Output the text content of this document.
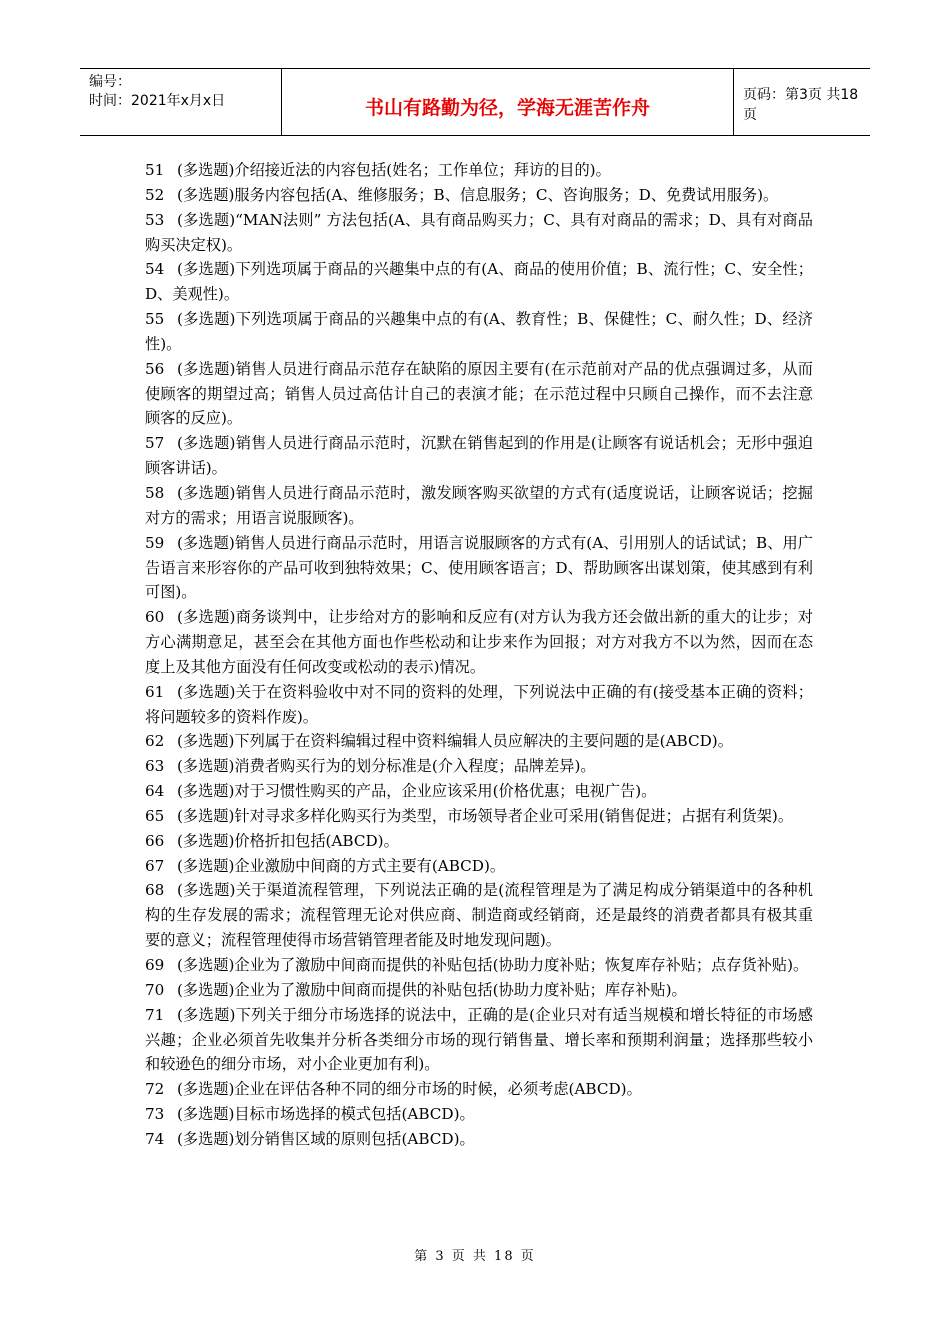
编号：
时间：2021年x月x日	书山有路勤为径，学海无涯苦作舟
页码：第3页 共18页

51 (多选题)介绍接近法的内容包括(姓名；工作单位；拜访的目的)。

52 (多选题)服务内容包括(A、维修服务；B、信息服务；C、咨询服务；D、免费试用服务)。

53 (多选题)“MAN法则” 方法包括(A、具有商品购买力；C、具有对商品的需求；D、具有对商品购买决定权)。

54 (多选题)下列选项属于商品的兴趣集中点的有(A、商品的使用价值；B、流行性；C、安全性；D、美观性)。

55 (多选题)下列选项属于商品的兴趣集中点的有(A、教育性；B、保健性；C、耐久性；D、经济性)。

56 (多选题)销售人员进行商品示范存在缺陷的原因主要有(在示范前对产品的优点强调过多，从而使顾客的期望过高；销售人员过高估计自己的表演才能；在示范过程中只顾自己操作，而不去注意顾客的反应)。

57 (多选题)销售人员进行商品示范时，沉默在销售起到的作用是(让顾客有说话机会；无形中强迫顾客讲话)。

58 (多选题)销售人员进行商品示范时，激发顾客购买欲望的方式有(适度说话，让顾客说话；挖掘对方的需求；用语言说服顾客)。

59 (多选题)销售人员进行商品示范时，用语言说服顾客的方式有(A、引用别人的话试试；B、用广告语言来形容你的产品可收到独特效果；C、使用顾客语言；D、帮助顾客出谋划策，使其感到有利可图)。

60 (多选题)商务谈判中，让步给对方的影响和反应有(对方认为我方还会做出新的重大的让步；对方心满期意足，甚至会在其他方面也作些松动和让步来作为回报；对方对我方不以为然，因而在态度上及其他方面没有任何改变或松动的表示)情况。

61 (多选题)关于在资料验收中对不同的资料的处理，下列说法中正确的有(接受基本正确的资料；将问题较多的资料作废)。

62 (多选题)下列属于在资料编辑过程中资料编辑人员应解决的主要问题的是(ABCD)。

63 (多选题)消费者购买行为的划分标准是(介入程度；品牌差异)。

64 (多选题)对于习惯性购买的产品，企业应该采用(价格优惠；电视广告)。

65 (多选题)针对寻求多样化购买行为类型，市场领导者企业可采用(销售促进；占据有利货架)。

66 (多选题)价格折扣包括(ABCD)。

67 (多选题)企业激励中间商的方式主要有(ABCD)。

68 (多选题)关于渠道流程管理，下列说法正确的是(流程管理是为了满足构成分销渠道中的各种机构的生存发展的需求；流程管理无论对供应商、制造商或经销商，还是最终的消费者都具有极其重要的意义；流程管理使得市场营销管理者能及时地发现问题)。

69 (多选题)企业为了激励中间商而提供的补贴包括(协助力度补贴；恢复库存补贴；点存货补贴)。

70 (多选题)企业为了激励中间商而提供的补贴包括(协助力度补贴；库存补贴)。

71 (多选题)下列关于细分市场选择的说法中，正确的是(企业只对有适当规模和增长特征的市场感兴趣；企业必须首先收集并分析各类细分市场的现行销售量、增长率和预期利润量；选择那些较小和较逊色的细分市场，对小企业更加有利)。

72 (多选题)企业在评估各种不同的细分市场的时候，必须考虑(ABCD)。

73 (多选题)目标市场选择的模式包括(ABCD)。

74 (多选题)划分销售区域的原则包括(ABCD)。

第 3 页 共 18 页
